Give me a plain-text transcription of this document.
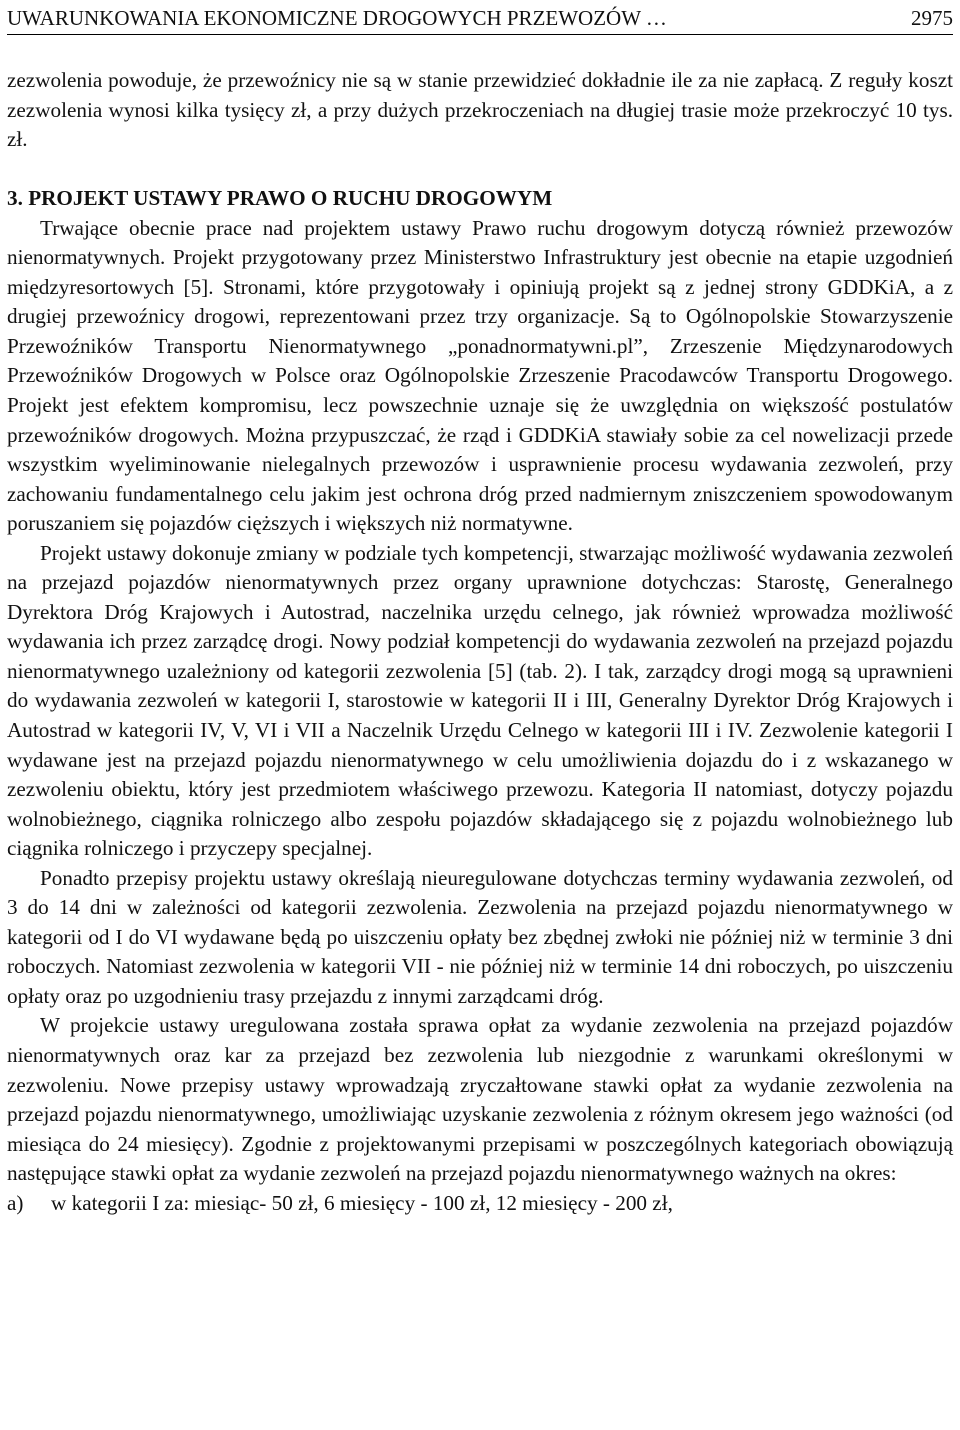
UWARUNKOWANIA EKONOMICZNE DROGOWYCH PRZEWOZÓW …	2975

zezwolenia powoduje, że przewoźnicy nie są w stanie przewidzieć dokładnie ile za nie zapłacą. Z reguły koszt zezwolenia wynosi kilka tysięcy zł, a przy dużych przekroczeniach na długiej trasie może przekroczyć 10 tys. zł.

3. PROJEKT USTAWY PRAWO O RUCHU DROGOWYM

Trwające obecnie prace nad projektem ustawy Prawo ruchu drogowym dotyczą również przewozów nienormatywnych. Projekt przygotowany przez Ministerstwo Infrastruktury jest obecnie na etapie uzgodnień międzyresortowych [5]. Stronami, które przygotowały i opiniują projekt są z jednej strony GDDKiA, a z drugiej przewoźnicy drogowi, reprezentowani przez trzy organizacje. Są to Ogólnopolskie Stowarzyszenie Przewoźników Transportu Nienormatywnego „ponadnormatywni.pl”, Zrzeszenie Międzynarodowych Przewoźników Drogowych w Polsce oraz Ogólnopolskie Zrzeszenie Pracodawców Transportu Drogowego. Projekt jest efektem kompromisu, lecz powszechnie uznaje się że uwzględnia on większość postulatów przewoźników drogowych. Można przypuszczać, że rząd i GDDKiA stawiały sobie za cel nowelizacji przede wszystkim wyeliminowanie nielegalnych przewozów i usprawnienie procesu wydawania zezwoleń, przy zachowaniu fundamentalnego celu jakim jest ochrona dróg przed nadmiernym zniszczeniem spowodowanym poruszaniem się pojazdów cięższych i większych niż normatywne.

Projekt ustawy dokonuje zmiany w podziale tych kompetencji, stwarzając możliwość wydawania zezwoleń na przejazd pojazdów nienormatywnych przez organy uprawnione dotychczas: Starostę, Generalnego Dyrektora Dróg Krajowych i Autostrad, naczelnika urzędu celnego, jak również wprowadza możliwość wydawania ich przez zarządcę drogi. Nowy podział kompetencji do wydawania zezwoleń na przejazd pojazdu nienormatywnego uzależniony od kategorii zezwolenia [5] (tab. 2). I tak, zarządcy drogi mogą są uprawnieni do wydawania zezwoleń w kategorii I, starostowie w kategorii II i III, Generalny Dyrektor Dróg Krajowych i Autostrad w kategorii IV, V, VI i VII a Naczelnik Urzędu Celnego w kategorii III i IV. Zezwolenie kategorii I wydawane jest na przejazd pojazdu nienormatywnego w celu umożliwienia dojazdu do i z wskazanego w zezwoleniu obiektu, który jest przedmiotem właściwego przewozu. Kategoria II natomiast, dotyczy pojazdu wolnobieżnego, ciągnika rolniczego albo zespołu pojazdów składającego się z pojazdu wolnobieżnego lub ciągnika rolniczego i przyczepy specjalnej.

Ponadto przepisy projektu ustawy określają nieuregulowane dotychczas terminy wydawania zezwoleń, od 3 do 14 dni w zależności od kategorii zezwolenia. Zezwolenia na przejazd pojazdu nienormatywnego w kategorii od I do VI wydawane będą po uiszczeniu opłaty bez zbędnej zwłoki nie później niż w terminie 3 dni roboczych. Natomiast zezwolenia w kategorii VII - nie później niż w terminie 14 dni roboczych, po uiszczeniu opłaty oraz po uzgodnieniu trasy przejazdu z innymi zarządcami dróg.

W projekcie ustawy uregulowana została sprawa opłat za wydanie zezwolenia na przejazd pojazdów nienormatywnych oraz kar za przejazd bez zezwolenia lub niezgodnie z warunkami określonymi w zezwoleniu. Nowe przepisy ustawy wprowadzają zryczałtowane stawki opłat za wydanie zezwolenia na przejazd pojazdu nienormatywnego, umożliwiając uzyskanie zezwolenia z różnym okresem jego ważności (od miesiąca do 24 miesięcy). Zgodnie z projektowanymi przepisami w poszczególnych kategoriach obowiązują następujące stawki opłat za wydanie zezwoleń na przejazd pojazdu nienormatywnego ważnych na okres:

a)	w kategorii I za: miesiąc- 50 zł, 6 miesięcy - 100 zł, 12 miesięcy - 200 zł,
